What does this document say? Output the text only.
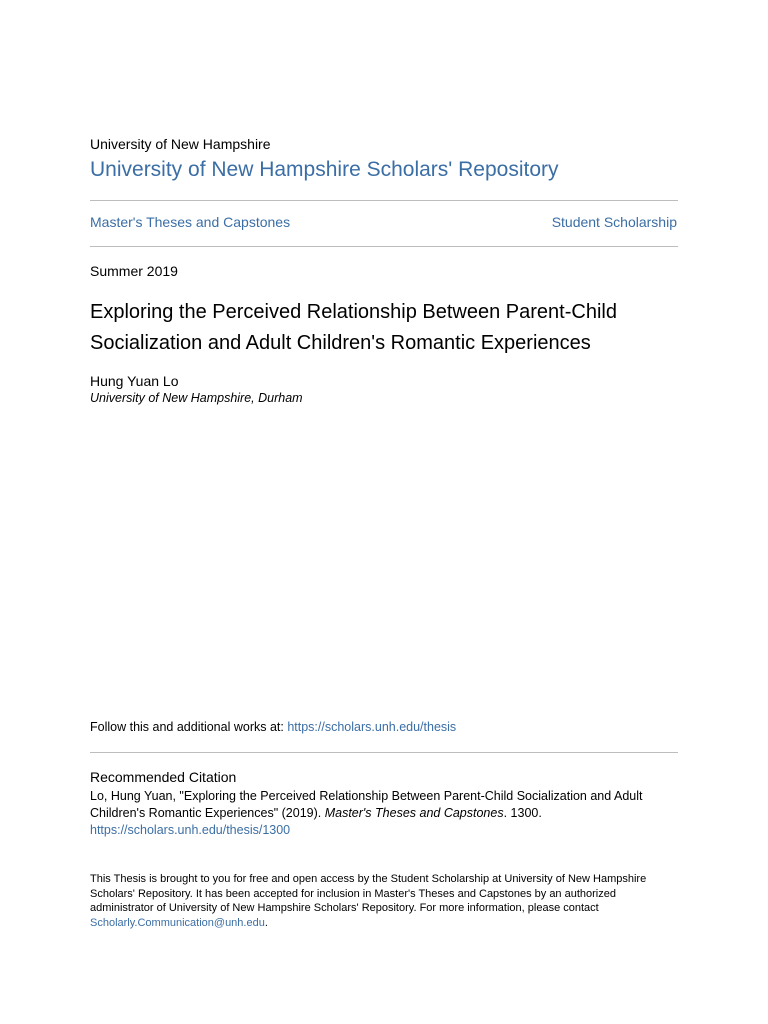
University of New Hampshire
University of New Hampshire Scholars' Repository
Master's Theses and Capstones	Student Scholarship
Summer 2019
Exploring the Perceived Relationship Between Parent-Child Socialization and Adult Children's Romantic Experiences
Hung Yuan Lo
University of New Hampshire, Durham
Follow this and additional works at: https://scholars.unh.edu/thesis
Recommended Citation
Lo, Hung Yuan, "Exploring the Perceived Relationship Between Parent-Child Socialization and Adult Children's Romantic Experiences" (2019). Master's Theses and Capstones. 1300.
https://scholars.unh.edu/thesis/1300
This Thesis is brought to you for free and open access by the Student Scholarship at University of New Hampshire Scholars' Repository. It has been accepted for inclusion in Master's Theses and Capstones by an authorized administrator of University of New Hampshire Scholars' Repository. For more information, please contact Scholarly.Communication@unh.edu.
